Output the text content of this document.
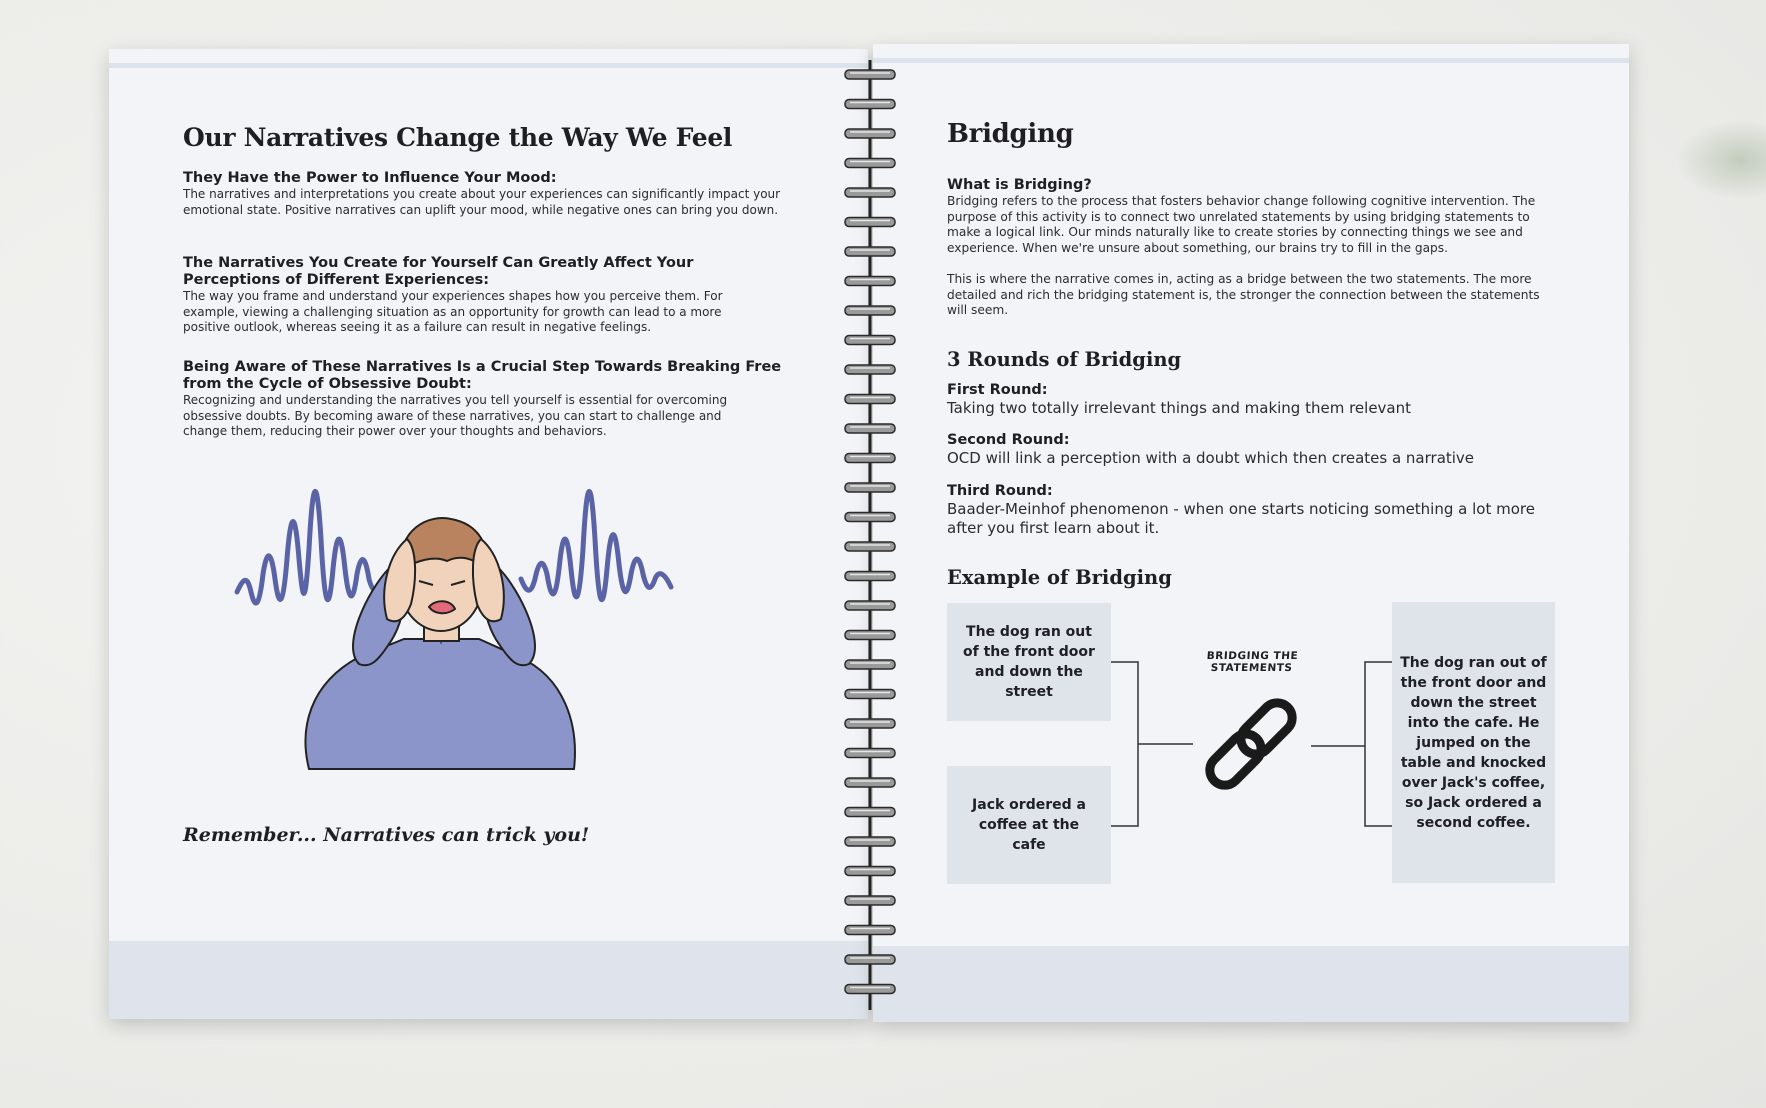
Our Narratives Change the Way We Feel

They Have the Power to Influence Your Mood:

The narratives and interpretations you create about your experiences can significantly impact your emotional state. Positive narratives can uplift your mood, while negative ones can bring you down.

The Narratives You Create for Yourself Can Greatly Affect Your Perceptions of Different Experiences:

The way you frame and understand your experiences shapes how you perceive them. For example, viewing a challenging situation as an opportunity for growth can lead to a more positive outlook, whereas seeing it as a failure can result in negative feelings.

Being Aware of These Narratives Is a Crucial Step Towards Breaking Free from the Cycle of Obsessive Doubt:

Recognizing and understanding the narratives you tell yourself is essential for overcoming obsessive doubts. By becoming aware of these narratives, you can start to challenge and change them, reducing their power over your thoughts and behaviors.

Remember... Narratives can trick you!

Bridging

What is Bridging?

Bridging refers to the process that fosters behavior change following cognitive intervention. The purpose of this activity is to connect two unrelated statements by using bridging statements to make a logical link. Our minds naturally like to create stories by connecting things we see and experience. When we're unsure about something, our brains try to fill in the gaps.

This is where the narrative comes in, acting as a bridge between the two statements. The more detailed and rich the bridging statement is, the stronger the connection between the statements will seem.

3 Rounds of Bridging

First Round:

Taking two totally irrelevant things and making them relevant

Second Round:

OCD will link a perception with a doubt which then creates a narrative

Third Round:

Baader-Meinhof phenomenon - when one starts noticing something a lot more after you first learn about it.

Example of Bridging
The dog ran out of the front door and down the street
Jack ordered a coffee at the cafe
The dog ran out of the front door and down the street into the cafe. He jumped on the table and knocked over Jack's coffee, so Jack ordered a second coffee.
BRIDGING THE STATEMENTS
